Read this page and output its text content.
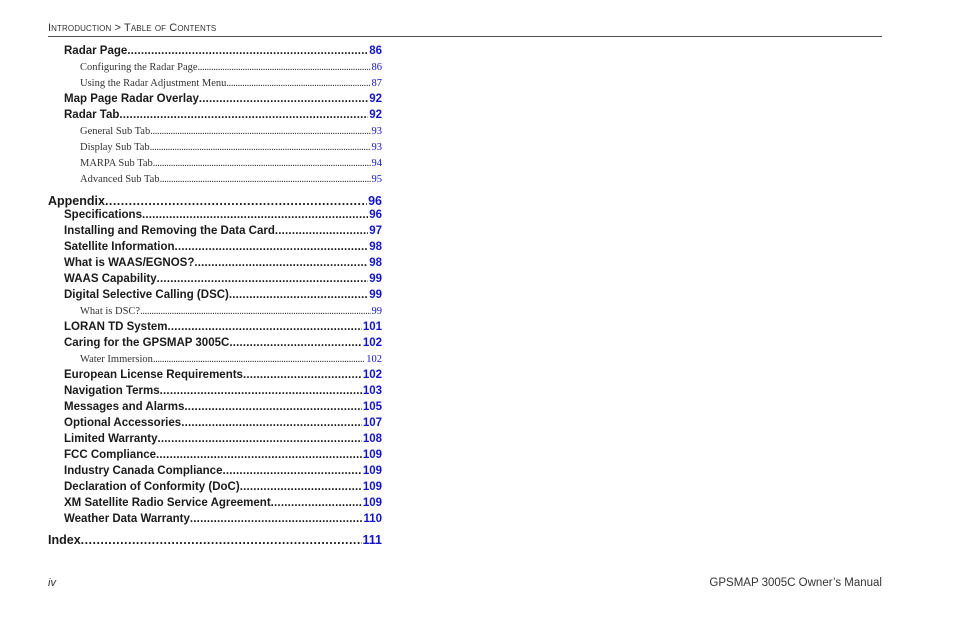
Introduction > Table of Contents
Radar Page . . .	86
Configuring the Radar Page . . .	86
Using the Radar Adjustment Menu . . .	87
Map Page Radar Overlay . . .	92
Radar Tab . . .	92
General Sub Tab . . .	93
Display Sub Tab . . .	93
MARPA Sub Tab . . .	94
Advanced Sub Tab . . .	95
Appendix . . .	96
Specifications . . .	96
Installing and Removing the Data Card . . .	97
Satellite Information . . .	98
What is WAAS/EGNOS? . . .	98
WAAS Capability . . .	99
Digital Selective Calling (DSC) . . .	99
What is DSC? . . .	99
LORAN TD System . . .	101
Caring for the GPSMAP 3005C . . .	102
Water Immersion . . .	102
European License Requirements . . .	102
Navigation Terms . . .	103
Messages and Alarms . . .	105
Optional Accessories . . .	107
Limited Warranty . . .	108
FCC Compliance . . .	109
Industry Canada Compliance . . .	109
Declaration of Conformity (DoC) . . .	109
XM Satellite Radio Service Agreement . . .	109
Weather Data Warranty . . .	110
Index . . .	111
iv	GPSMAP 3005C Owner’s Manual
